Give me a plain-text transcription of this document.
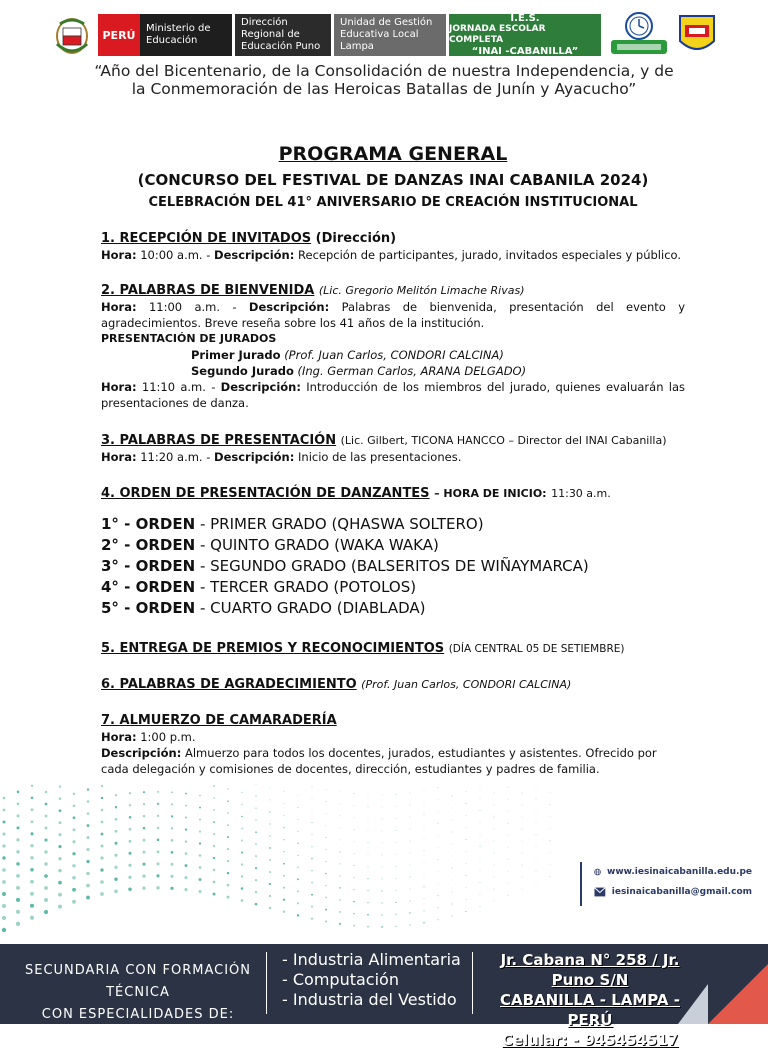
PERÚ	Ministerio de Educación
Dirección Regional de Educación Puno
Unidad de Gestión Educativa Local Lampa
I.E.S.
JORNADA ESCOLAR COMPLETA
“INAI -CABANILLA”
“Año del Bicentenario, de la Consolidación de nuestra Independencia, y de la Conmemoración de las Heroicas Batallas de Junín y Ayacucho”
PROGRAMA GENERAL
(CONCURSO DEL FESTIVAL DE DANZAS INAI CABANILA 2024)
CELEBRACIÓN DEL 41° ANIVERSARIO DE CREACIÓN INSTITUCIONAL
1. RECEPCIÓN DE INVITADOS (Dirección)
Hora: 10:00 a.m. - Descripción: Recepción de participantes, jurado, invitados especiales y público.
2. PALABRAS DE BIENVENIDA (Lic. Gregorio Melitón Limache Rivas)
Hora: 11:00 a.m. - Descripción: Palabras de bienvenida, presentación del evento y agradecimientos. Breve reseña sobre los 41 años de la institución.
PRESENTACIÓN DE JURADOS
Primer Jurado (Prof. Juan Carlos, CONDORI CALCINA)
Segundo Jurado (Ing. German Carlos, ARANA DELGADO)
Hora: 11:10 a.m. - Descripción: Introducción de los miembros del jurado, quienes evaluarán las presentaciones de danza.
3. PALABRAS DE PRESENTACIÓN (Lic. Gilbert, TICONA HANCCO – Director del INAI Cabanilla)
Hora: 11:20 a.m. - Descripción: Inicio de las presentaciones.
4. ORDEN DE PRESENTACIÓN DE DANZANTES – HORA DE INICIO: 11:30 a.m.
1° - ORDEN - PRIMER GRADO (QHASWA SOLTERO)
2° - ORDEN - QUINTO GRADO (WAKA WAKA)
3° - ORDEN - SEGUNDO GRADO (BALSERITOS DE WIÑAYMARCA)
4° - ORDEN - TERCER GRADO (POTOLOS)
5° - ORDEN - CUARTO GRADO (DIABLADA)
5. ENTREGA DE PREMIOS Y RECONOCIMIENTOS (DÍA CENTRAL 05 DE SETIEMBRE)
6. PALABRAS DE AGRADECIMIENTO (Prof. Juan Carlos, CONDORI CALCINA)
7. ALMUERZO DE CAMARADERÍA
Hora: 1:00 p.m.
Descripción: Almuerzo para todos los docentes, jurados, estudiantes y asistentes. Ofrecido por cada delegación y comisiones de docentes, dirección, estudiantes y padres de familia.
www.iesinaicabanilla.edu.pe
iesinaicabanilla@gmail.com
SECUNDARIA CON FORMACIÓN TÉCNICA
CON ESPECIALIDADES DE:
- Industria Alimentaria
- Computación
- Industria del Vestido
Jr. Cabana N° 258 / Jr. Puno S/N
CABANILLA - LAMPA - PERÚ
Celular: - 945454517
